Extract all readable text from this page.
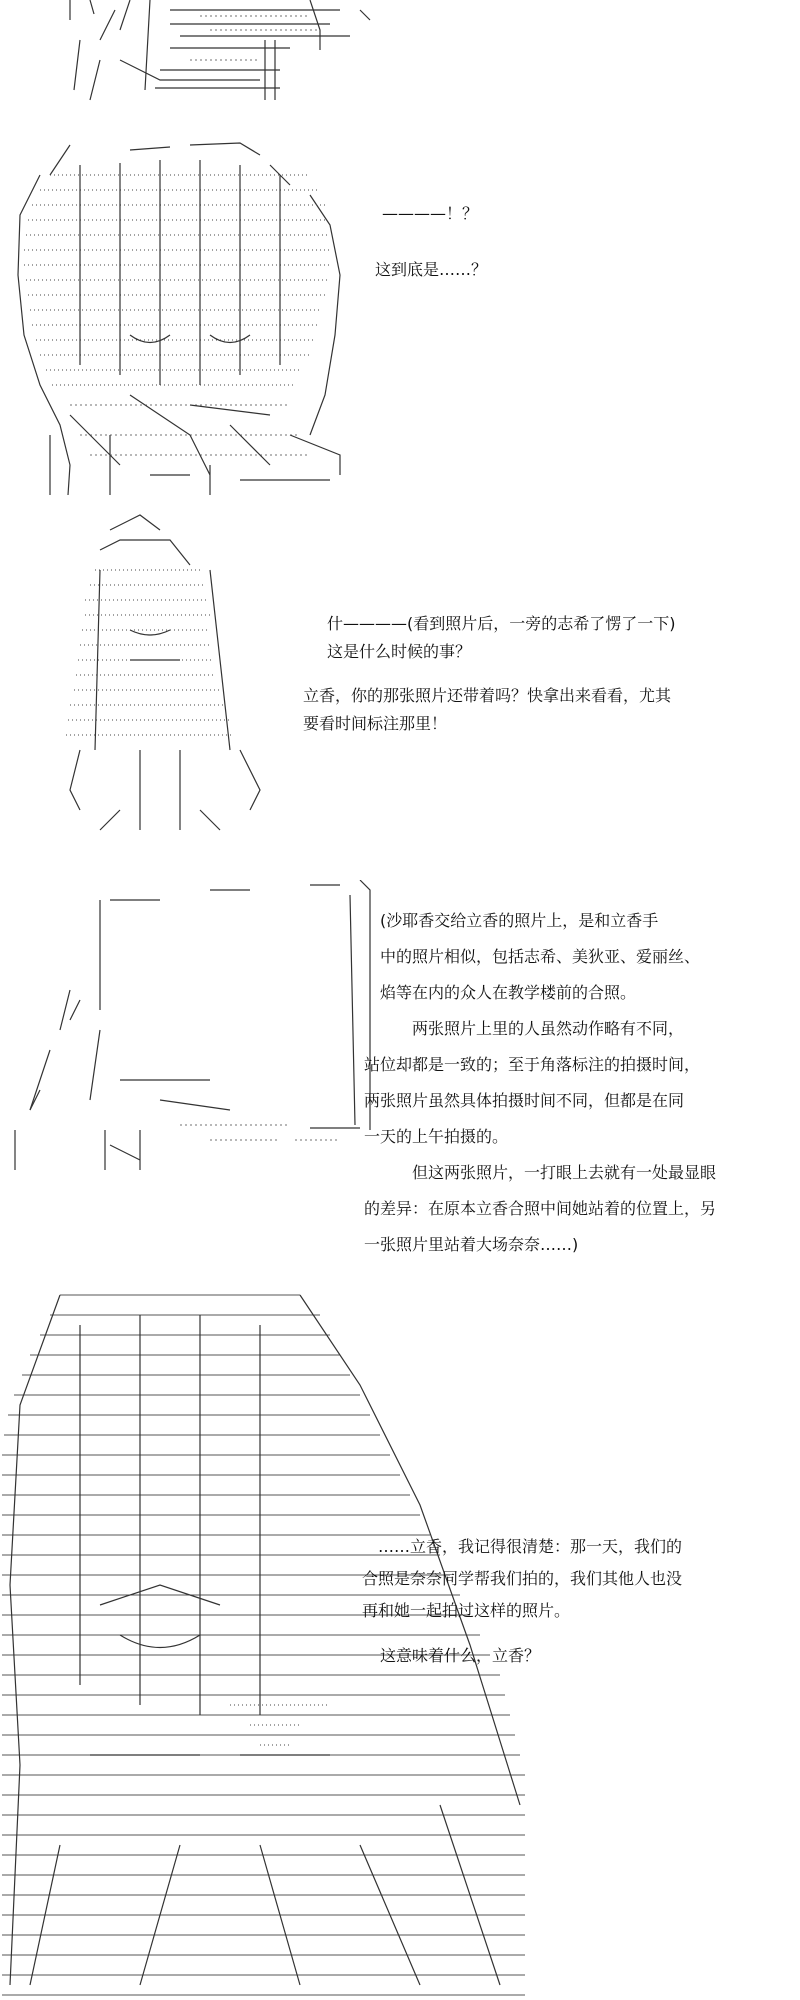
————！？
这到底是……？
什————(看到照片后，一旁的志希了愣了一下)
这是什么时候的事？
立香，你的那张照片还带着吗？快拿出来看看，尤其
要看时间标注那里！
(沙耶香交给立香的照片上，是和立香手
中的照片相似，包括志希、美狄亚、爱丽丝、
焰等在内的众人在教学楼前的合照。
两张照片上里的人虽然动作略有不同，
站位却都是一致的；至于角落标注的拍摄时间，
两张照片虽然具体拍摄时间不同，但都是在同
一天的上午拍摄的。
但这两张照片，一打眼上去就有一处最显眼
的差异：在原本立香合照中间她站着的位置上，另
一张照片里站着大场奈奈……)
……立香，我记得很清楚：那一天，我们的
合照是奈奈同学帮我们拍的，我们其他人也没
再和她一起拍过这样的照片。
这意味着什么，立香？
